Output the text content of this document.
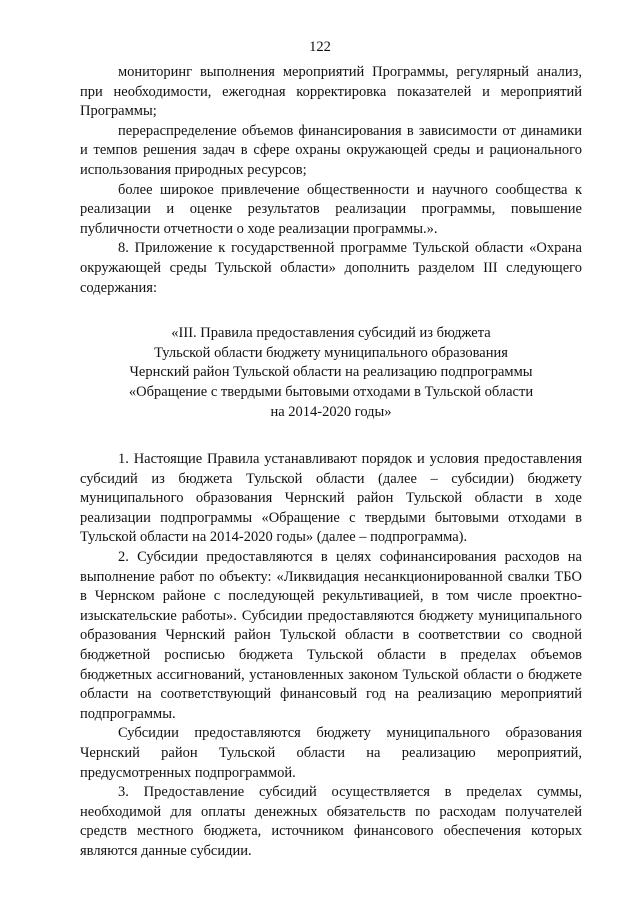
122

мониторинг выполнения мероприятий Программы, регулярный анализ, при необходимости, ежегодная корректировка показателей и мероприятий Программы;

перераспределение объемов финансирования в зависимости от динамики и темпов решения задач в сфере охраны окружающей среды и рационального использования природных ресурсов;

более широкое привлечение общественности и научного сообщества к реализации и оценке результатов реализации программы, повышение публичности отчетности о ходе реализации программы.».

8. Приложение к государственной программе Тульской области «Охрана окружающей среды Тульской области» дополнить разделом III следующего содержания:

«III. Правила предоставления субсидий из бюджета
Тульской области бюджету муниципального образования
Чернский район Тульской области на реализацию подпрограммы
«Обращение с твердыми бытовыми отходами в Тульской области
на 2014-2020 годы»

1. Настоящие Правила устанавливают порядок и условия предоставления субсидий из бюджета Тульской области (далее – субсидии) бюджету муниципального образования Чернский район Тульской области в ходе реализации подпрограммы «Обращение с твердыми бытовыми отходами в Тульской области на 2014-2020 годы» (далее – подпрограмма).

2. Субсидии предоставляются в целях софинансирования расходов на выполнение работ по объекту: «Ликвидация несанкционированной свалки ТБО в Чернском районе с последующей рекультивацией, в том числе проектно-изыскательские работы». Субсидии предоставляются бюджету муниципального образования Чернский район Тульской области в соответствии со сводной бюджетной росписью бюджета Тульской области в пределах объемов бюджетных ассигнований, установленных законом Тульской области о бюджете области на соответствующий финансовый год на реализацию мероприятий подпрограммы.

Субсидии предоставляются бюджету муниципального образования Чернский район Тульской области на реализацию мероприятий, предусмотренных подпрограммой.

3. Предоставление субсидий осуществляется в пределах суммы, необходимой для оплаты денежных обязательств по расходам получателей средств местного бюджета, источником финансового обеспечения которых являются данные субсидии.
